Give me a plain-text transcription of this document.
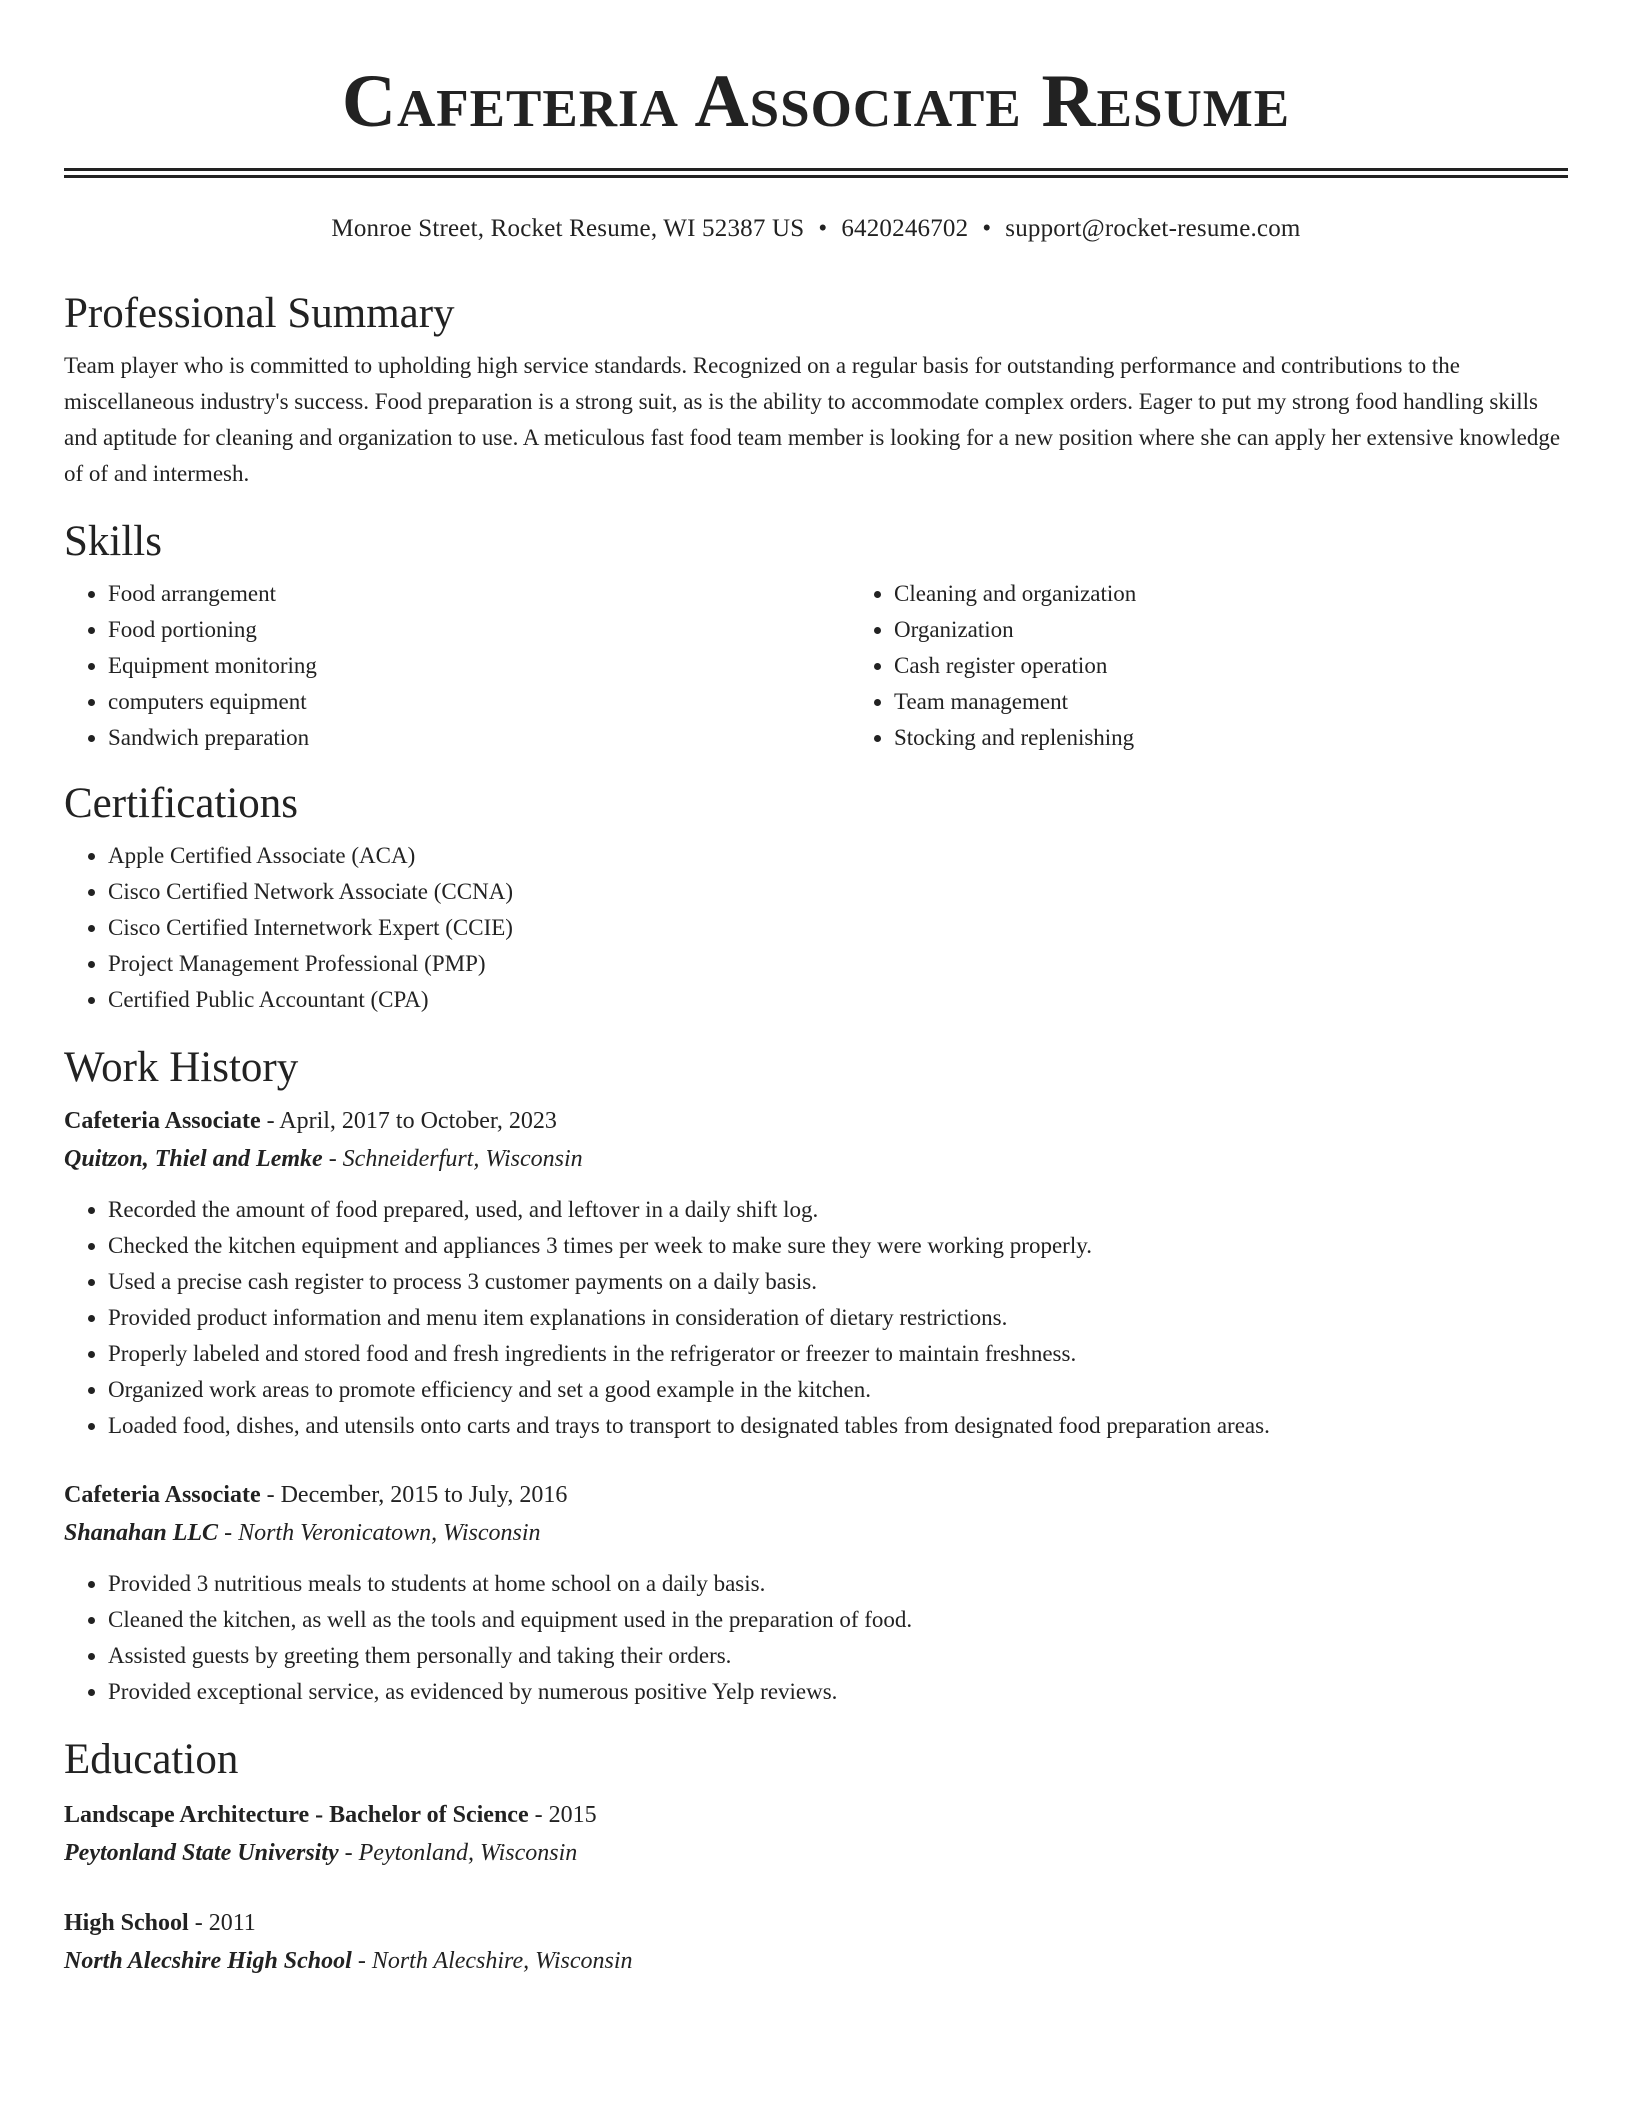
Cafeteria Associate Resume
Monroe Street, Rocket Resume, WI 52387 US • 6420246702 • support@rocket-resume.com
Professional Summary

Team player who is committed to upholding high service standards. Recognized on a regular basis for outstanding performance and contributions to the miscellaneous industry's success. Food preparation is a strong suit, as is the ability to accommodate complex orders. Eager to put my strong food handling skills and aptitude for cleaning and organization to use. A meticulous fast food team member is looking for a new position where she can apply her extensive knowledge of of and intermesh.

Skills
• Food arrangement
• Food portioning
• Equipment monitoring
• computers equipment
• Sandwich preparation
• Cleaning and organization
• Organization
• Cash register operation
• Team management
• Stocking and replenishing
Certifications
• Apple Certified Associate (ACA)
• Cisco Certified Network Associate (CCNA)
• Cisco Certified Internetwork Expert (CCIE)
• Project Management Professional (PMP)
• Certified Public Accountant (CPA)
Work History

Cafeteria Associate - April, 2017 to October, 2023

Quitzon, Thiel and Lemke - Schneiderfurt, Wisconsin

• Recorded the amount of food prepared, used, and leftover in a daily shift log.
• Checked the kitchen equipment and appliances 3 times per week to make sure they were working properly.
• Used a precise cash register to process 3 customer payments on a daily basis.
• Provided product information and menu item explanations in consideration of dietary restrictions.
• Properly labeled and stored food and fresh ingredients in the refrigerator or freezer to maintain freshness.
• Organized work areas to promote efficiency and set a good example in the kitchen.
• Loaded food, dishes, and utensils onto carts and trays to transport to designated tables from designated food preparation areas.

Cafeteria Associate - December, 2015 to July, 2016

Shanahan LLC - North Veronicatown, Wisconsin

• Provided 3 nutritious meals to students at home school on a daily basis.
• Cleaned the kitchen, as well as the tools and equipment used in the preparation of food.
• Assisted guests by greeting them personally and taking their orders.
• Provided exceptional service, as evidenced by numerous positive Yelp reviews.
Education

Landscape Architecture - Bachelor of Science - 2015

Peytonland State University - Peytonland, Wisconsin

High School - 2011

North Alecshire High School - North Alecshire, Wisconsin
